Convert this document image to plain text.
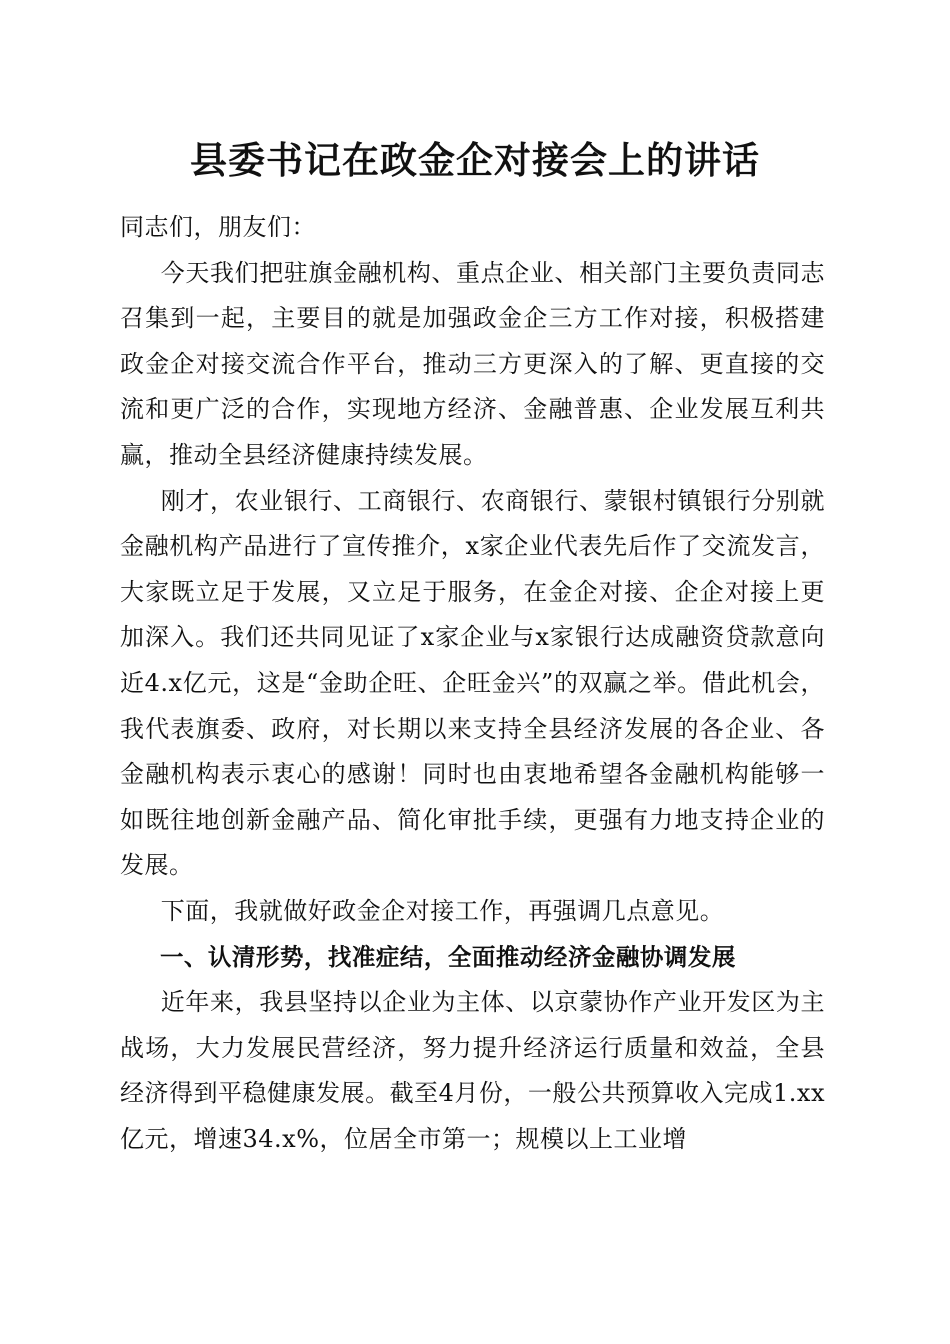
县委书记在政金企对接会上的讲话

同志们，朋友们：

今天我们把驻旗金融机构、重点企业、相关部门主要负责同志召集到一起，主要目的就是加强政金企三方工作对接，积极搭建政金企对接交流合作平台，推动三方更深入的了解、更直接的交流和更广泛的合作，实现地方经济、金融普惠、企业发展互利共赢，推动全县经济健康持续发展。

刚才，农业银行、工商银行、农商银行、蒙银村镇银行分别就金融机构产品进行了宣传推介，x家企业代表先后作了交流发言，大家既立足于发展，又立足于服务，在金企对接、企企对接上更加深入。我们还共同见证了x家企业与x家银行达成融资贷款意向近4.x亿元，这是“金助企旺、企旺金兴”的双赢之举。借此机会，我代表旗委、政府，对长期以来支持全县经济发展的各企业、各金融机构表示衷心的感谢！同时也由衷地希望各金融机构能够一如既往地创新金融产品、简化审批手续，更强有力地支持企业的发展。

下面，我就做好政金企对接工作，再强调几点意见。

一、认清形势，找准症结，全面推动经济金融协调发展

近年来，我县坚持以企业为主体、以京蒙协作产业开发区为主战场，大力发展民营经济，努力提升经济运行质量和效益，全县经济得到平稳健康发展。截至4月份，一般公共预算收入完成1.xx亿元，增速34.x%，位居全市第一；规模以上工业增
